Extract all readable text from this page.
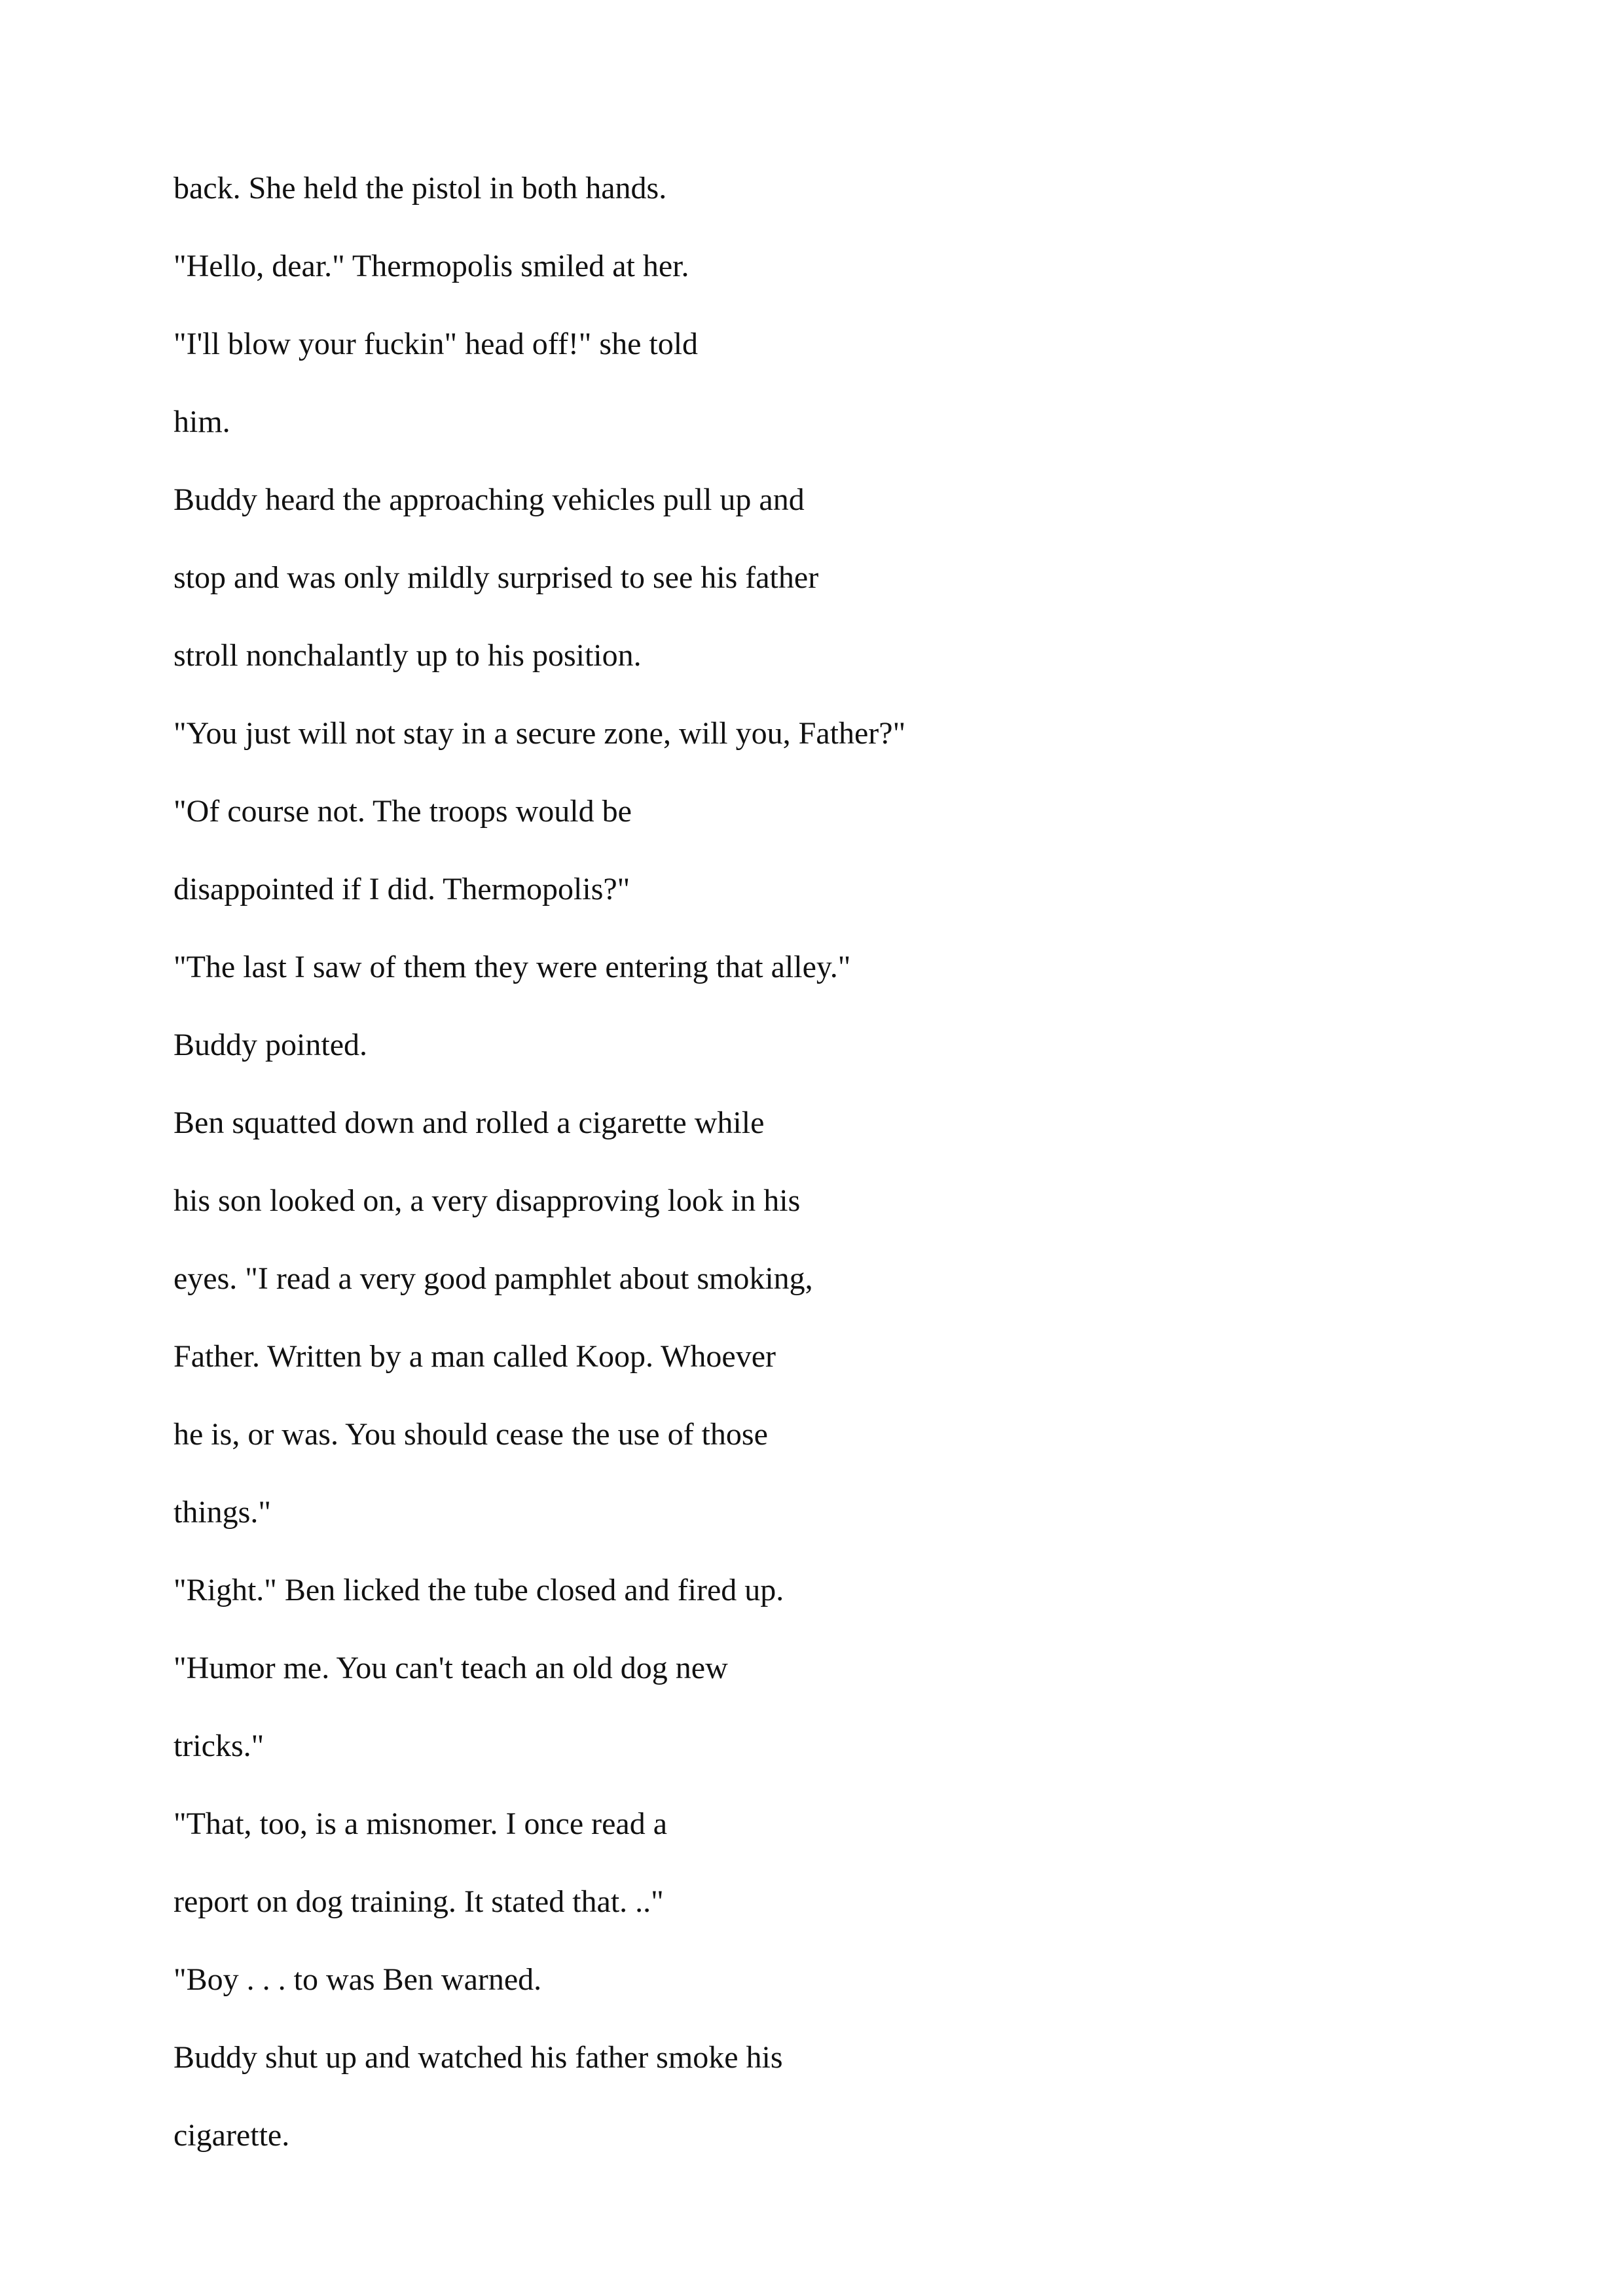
back. She held the pistol in both hands.

"Hello, dear." Thermopolis smiled at her.

"I'll blow your fuckin" head off!" she told

him.

Buddy heard the approaching vehicles pull up and

stop and was only mildly surprised to see his father

stroll nonchalantly up to his position.

"You just will not stay in a secure zone, will you, Father?"

"Of course not. The troops would be

disappointed if I did. Thermopolis?"

"The last I saw of them they were entering that alley."

Buddy pointed.

Ben squatted down and rolled a cigarette while

his son looked on, a very disapproving look in his

eyes. "I read a very good pamphlet about smoking,

Father. Written by a man called Koop. Whoever

he is, or was. You should cease the use of those

things."

"Right." Ben licked the tube closed and fired up.

"Humor me. You can't teach an old dog new

tricks."

"That, too, is a misnomer. I once read a

report on dog training. It stated that. .."

"Boy . . . to was Ben warned.

Buddy shut up and watched his father smoke his

cigarette.
